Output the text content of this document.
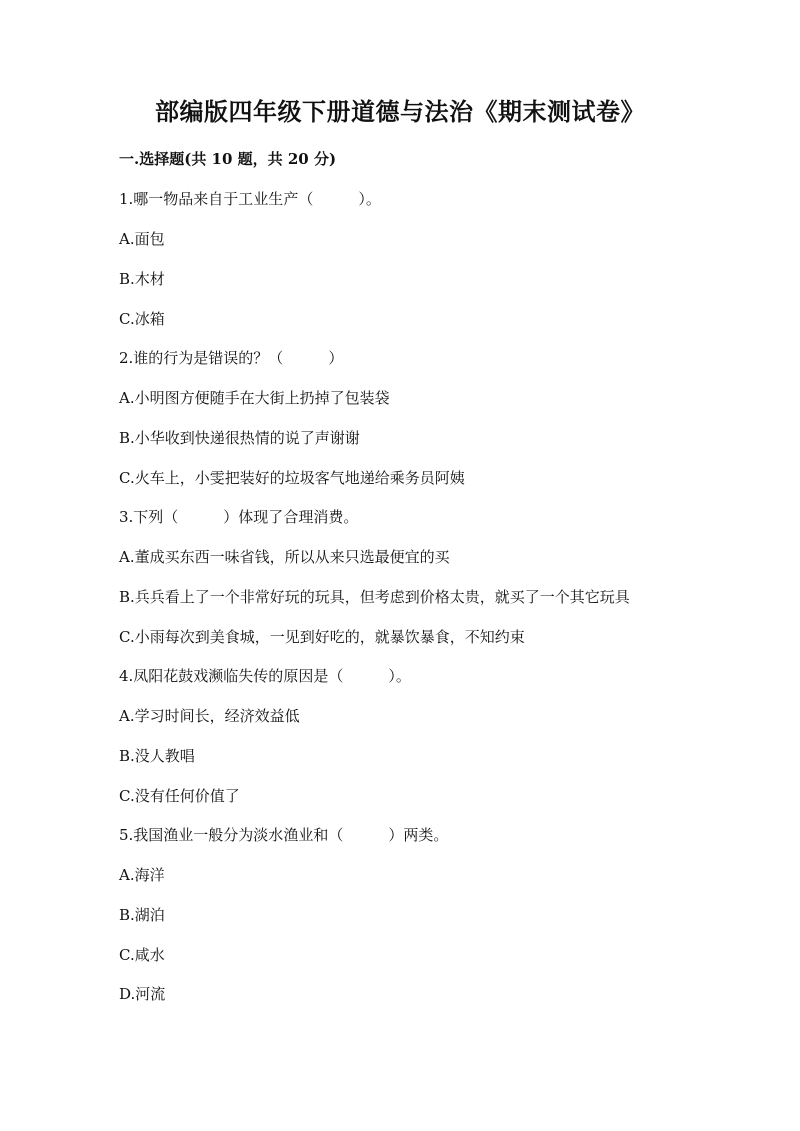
部编版四年级下册道德与法治《期末测试卷》
一.选择题(共 10 题，共 20 分)
1.哪一物品来自于工业生产（　　　）。
A.面包
B.木材
C.冰箱
2.谁的行为是错误的？（　　　）
A.小明图方便随手在大街上扔掉了包装袋
B.小华收到快递很热情的说了声谢谢
C.火车上，小雯把装好的垃圾客气地递给乘务员阿姨
3.下列（　　　）体现了合理消费。
A.董成买东西一味省钱，所以从来只选最便宜的买
B.兵兵看上了一个非常好玩的玩具，但考虑到价格太贵，就买了一个其它玩具
C.小雨每次到美食城，一见到好吃的，就暴饮暴食，不知约束
4.凤阳花鼓戏濒临失传的原因是（　　　）。
A.学习时间长，经济效益低
B.没人教唱
C.没有任何价值了
5.我国渔业一般分为淡水渔业和（　　　）两类。
A.海洋
B.湖泊
C.咸水
D.河流
